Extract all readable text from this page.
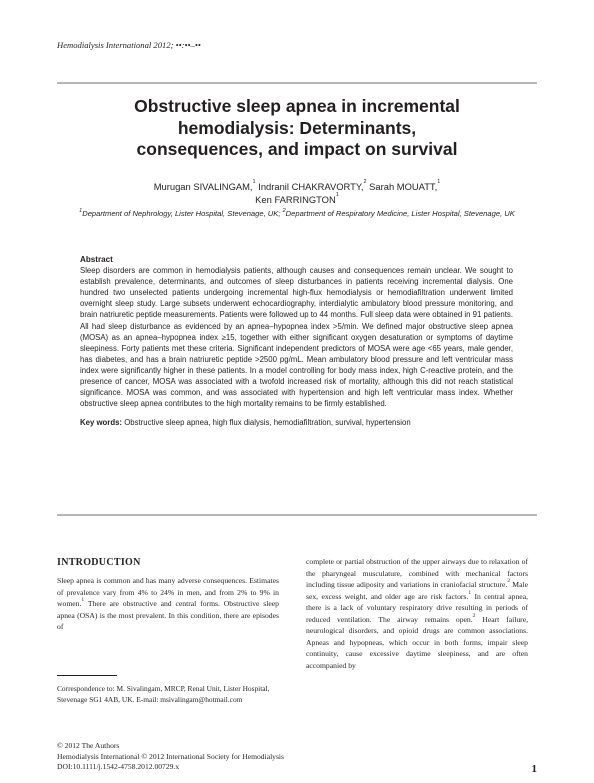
Hemodialysis International 2012; ••:••–••
Obstructive sleep apnea in incremental
hemodialysis: Determinants,
consequences, and impact on survival
Murugan SIVALINGAM,$^1$ Indranil CHAKRAVORTY,$^2$ Sarah MOUATT,$^1$
Ken FARRINGTON$^1$
$^1$Department of Nephrology, Lister Hospital, Stevenage, UK; $^2$Department of Respiratory Medicine, Lister Hospital, Stevenage, UK
Abstract

Sleep disorders are common in hemodialysis patients, although causes and consequences remain unclear. We sought to establish prevalence, determinants, and outcomes of sleep disturbances in patients receiving incremental dialysis. One hundred two unselected patients undergoing incremental high-flux hemodialysis or hemodiafiltration underwent limited overnight sleep study. Large subsets underwent echocardiography, interdialytic ambulatory blood pressure monitoring, and brain natriuretic peptide measurements. Patients were followed up to 44 months. Full sleep data were obtained in 91 patients. All had sleep disturbance as evidenced by an apnea–hypopnea index >5/min. We defined major obstructive sleep apnea (MOSA) as an apnea–hypopnea index ≥15, together with either significant oxygen desaturation or symptoms of daytime sleepiness. Forty patients met these criteria. Significant independent predictors of MOSA were age <65 years, male gender, has diabetes, and has a brain natriuretic peptide >2500 pg/mL. Mean ambulatory blood pressure and left ventricular mass index were significantly higher in these patients. In a model controlling for body mass index, high C-reactive protein, and the presence of cancer, MOSA was associated with a twofold increased risk of mortality, although this did not reach statistical significance. MOSA was common, and was associated with hypertension and high left ventricular mass index. Whether obstructive sleep apnea contributes to the high mortality remains to be firmly established.

Key words: Obstructive sleep apnea, high flux dialysis, hemodiafiltration, survival, hypertension
INTRODUCTION

Sleep apnea is common and has many adverse consequences. Estimates of prevalence vary from 4% to 24% in men, and from 2% to 9% in women.$^1$ There are obstructive and central forms. Obstructive sleep apnea (OSA) is the most prevalent. In this condition, there are episodes of

Correspondence to: M. Sivalingam, MRCP, Renal Unit, Lister Hospital, Stevenage SG1 4AB, UK. E-mail: msivalingam@hotmail.com

complete or partial obstruction of the upper airways due to relaxation of the pharyngeal musculature, combined with mechanical factors including tissue adiposity and variations in craniofacial structure.$^2$ Male sex, excess weight, and older age are risk factors.$^1$ In central apnea, there is a lack of voluntary respiratory drive resulting in periods of reduced ventilation. The airway remains open.$^2$ Heart failure, neurological disorders, and opioid drugs are common associations. Apneas and hypopneas, which occur in both forms, impair sleep continuity, cause excessive daytime sleepiness, and are often accompanied by

© 2012 The Authors
Hemodialysis International © 2012 International Society for Hemodialysis
DOI:10.1111/j.1542-4758.2012.00729.x	1
